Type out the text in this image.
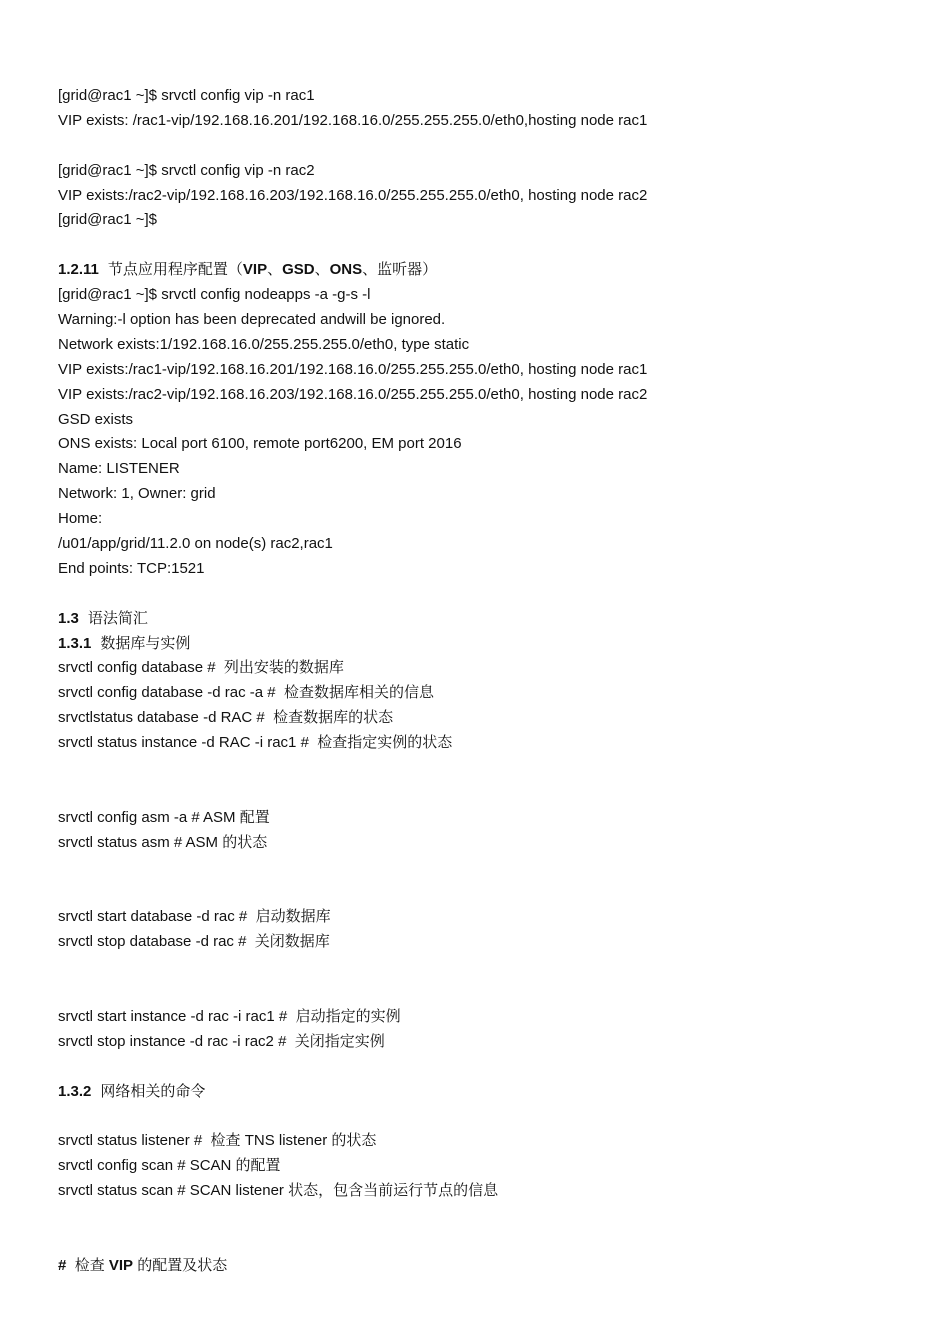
[grid@rac1 ~]$ srvctl config vip -n rac1
VIP exists: /rac1-vip/192.168.16.201/192.168.16.0/255.255.255.0/eth0,hosting node rac1
[grid@rac1 ~]$ srvctl config vip -n rac2
VIP exists:/rac2-vip/192.168.16.203/192.168.16.0/255.255.255.0/eth0, hosting node rac2
[grid@rac1 ~]$
1.2.11 节点应用程序配置（VIP、GSD、ONS、监听器）
[grid@rac1 ~]$ srvctl config nodeapps -a -g-s -l
Warning:-l option has been deprecated andwill be ignored.
Network exists:1/192.168.16.0/255.255.255.0/eth0, type static
VIP exists:/rac1-vip/192.168.16.201/192.168.16.0/255.255.255.0/eth0, hosting node rac1
VIP exists:/rac2-vip/192.168.16.203/192.168.16.0/255.255.255.0/eth0, hosting node rac2
GSD exists
ONS exists: Local port 6100, remote port6200, EM port 2016
Name: LISTENER
Network: 1, Owner: grid
Home:
/u01/app/grid/11.2.0 on node(s) rac2,rac1
End points: TCP:1521
1.3 语法简汇
1.3.1 数据库与实例
srvctl config database #  列出安装的数据库
srvctl config database -d rac -a #  检查数据库相关的信息
srvctlstatus database -d RAC #  检查数据库的状态
srvctl status instance -d RAC -i rac1 #  检查指定实例的状态
srvctl config asm -a # ASM 配置
srvctl status asm # ASM 的状态
srvctl start database -d rac #  启动数据库
srvctl stop database -d rac #  关闭数据库
srvctl start instance -d rac -i rac1 #  启动指定的实例
srvctl stop instance -d rac -i rac2 #  关闭指定实例
1.3.2 网络相关的命令
srvctl status listener #  检查 TNS listener 的状态
srvctl config scan # SCAN 的配置
srvctl status scan # SCAN listener 状态，包含当前运行节点的信息
# 检查 VIP 的配置及状态
